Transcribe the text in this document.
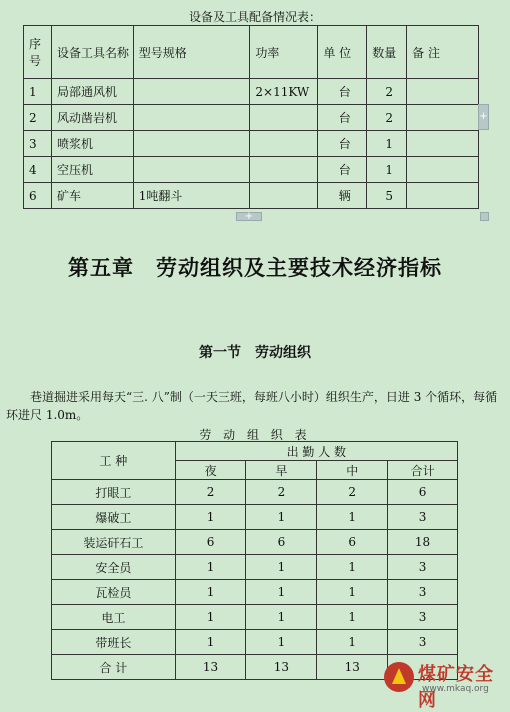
设备及工具配备情况表：
序号	设备工具名称	型号规格	功率	单 位	数量	备 注
1	局部通风机		2×11KW	台	2	
2	风动凿岩机			台	2	
3	喷浆机			台	1	
4	空压机			台	1	
6	矿车	1吨翻斗		辆	5	
+
+
第五章　劳动组织及主要技术经济指标
第一节　劳动组织
巷道掘进采用每天“三. 八”制（一天三班，每班八小时）组织生产，日进 3 个循环，每循环进尺 1.0m。
劳 动 组 织 表
工 种	出 勤 人 数			
	夜	早	中	合计
打眼工	2	2	2	6
爆破工	1	1	1	3
装运矸石工	6	6	6	18
安全员	1	1	1	3
瓦检员	1	1	1	3
电工	1	1	1	3
带班长	1	1	1	3
合 计	13	13	13		煤矿安全网
www.mkaq.org
